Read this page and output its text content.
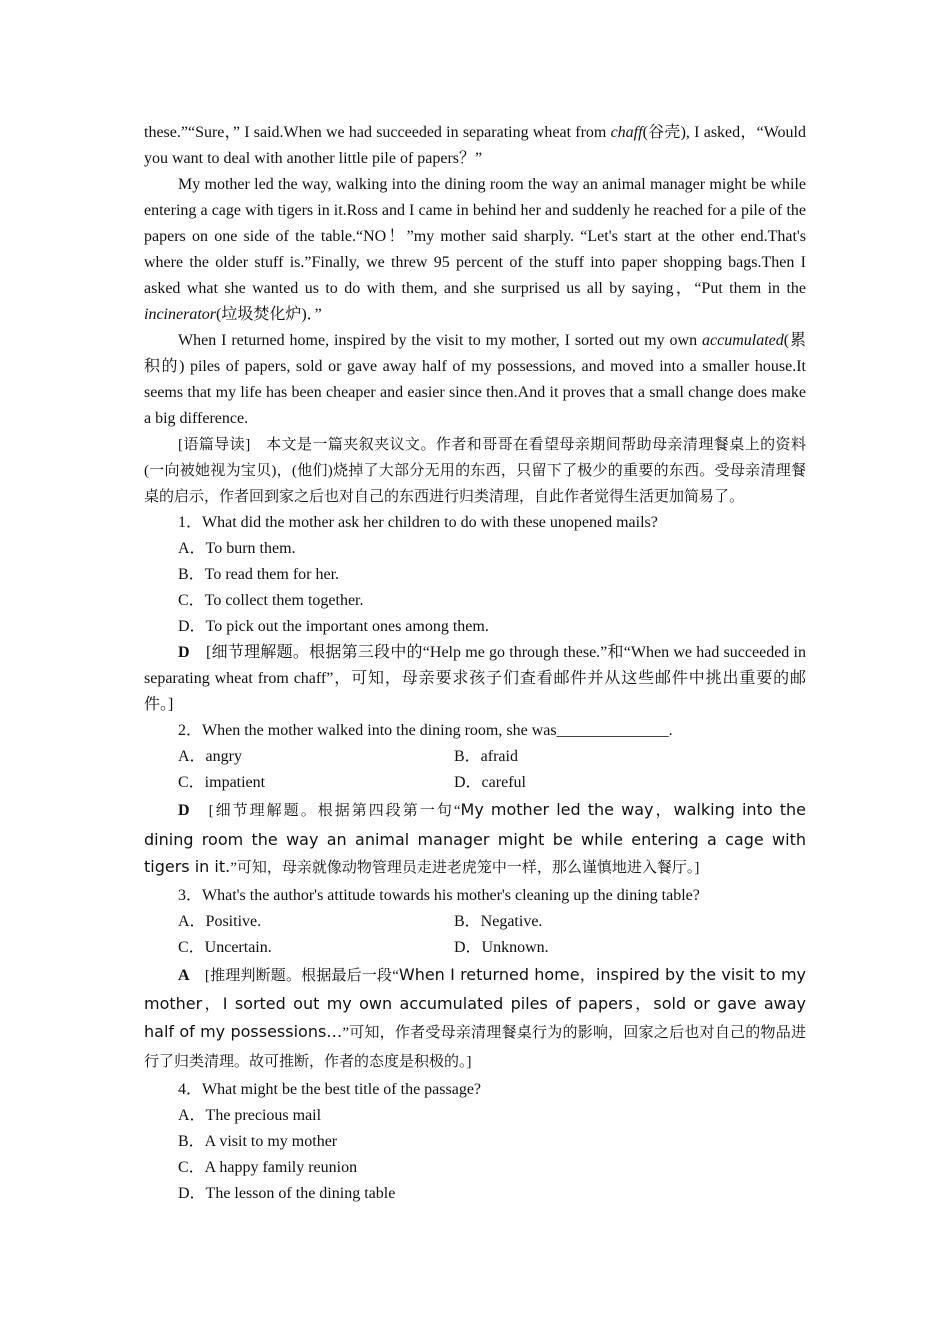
these.”“Sure，” I said.When we had succeeded in separating wheat from chaff(谷壳), I asked，“Would you want to deal with another little pile of papers？”

My mother led the way, walking into the dining room the way an animal manager might be while entering a cage with tigers in it.Ross and I came in behind her and suddenly he reached for a pile of the papers on one side of the table.“NO！”my mother said sharply. “Let's start at the other end.That's where the older stuff is.”Finally, we threw 95 percent of the stuff into paper shopping bags.Then I asked what she wanted us to do with them, and she surprised us all by saying，“Put them in the incinerator(垃圾焚化炉)．”

When I returned home, inspired by the visit to my mother, I sorted out my own accumulated(累积的) piles of papers, sold or gave away half of my possessions, and moved into a smaller house.It seems that my life has been cheaper and easier since then.And it proves that a small change does make a big difference.

[语篇导读]　本文是一篇夹叙夹议文。作者和哥哥在看望母亲期间帮助母亲清理餐桌上的资料(一向被她视为宝贝)，(他们)烧掉了大部分无用的东西，只留下了极少的重要的东西。受母亲清理餐桌的启示，作者回到家之后也对自己的东西进行归类清理，自此作者觉得生活更加简易了。

1．What did the mother ask her children to do with these unopened mails?

A．To burn them.

B．To read them for her.

C．To collect them together.

D．To pick out the important ones among them.

D　[细节理解题。根据第三段中的“Help me go through these.”和“When we had succeeded in separating wheat from chaff”，可知，母亲要求孩子们查看邮件并从这些邮件中挑出重要的邮件。]

2．When the mother walked into the dining room, she was______________.

A．angry	B．afraid
C．impatient	D．careful

D　[细节理解题。根据第四段第一句“My mother led the way，walking into the dining room the way an animal manager might be while entering a cage with tigers in it.”可知，母亲就像动物管理员走进老虎笼中一样，那么谨慎地进入餐厅。]

3．What's the author's attitude towards his mother's cleaning up the dining table?

A．Positive.	B．Negative.
C．Uncertain.	D．Unknown.

A　[推理判断题。根据最后一段“When I returned home，inspired by the visit to my mother，I sorted out my own accumulated piles of papers，sold or gave away half of my possessions…”可知，作者受母亲清理餐桌行为的影响，回家之后也对自己的物品进行了归类清理。故可推断，作者的态度是积极的。]

4．What might be the best title of the passage?

A．The precious mail

B．A visit to my mother

C．A happy family reunion

D．The lesson of the dining table
